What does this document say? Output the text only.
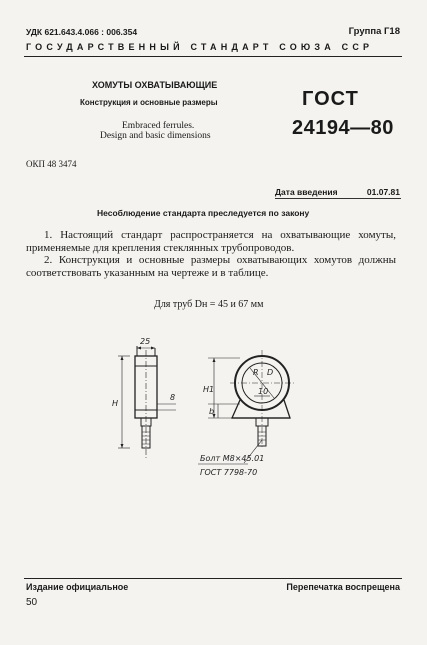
УДК 621.643.4.066 : 006.354	Группа Г18
ГОСУДАРСТВЕННЫЙ СТАНДАРТ СОЮЗА ССР
ХОМУТЫ ОХВАТЫВАЮЩИЕ
Конструкция и основные размеры
Embraced ferrules.
Design and basic dimensions
ГОСТ
24194—80
ОКП 48 3474
Дата введения	01.07.81
Несоблюдение стандарта преследуется по закону
1. Настоящий стандарт распространяется на охватывающие хомуты, применяемые для крепления стеклянных трубопроводов.
2. Конструкция и основные размеры охватывающих хомутов должны соответствовать указанным на чертеже и в таблице.
Для труб Dн = 45 и 67 мм
25
H
8
H1
b
D
R
10
Болт М8×45.01
ГОСТ 7798-70
Издание официальное	Перепечатка воспрещена
50
